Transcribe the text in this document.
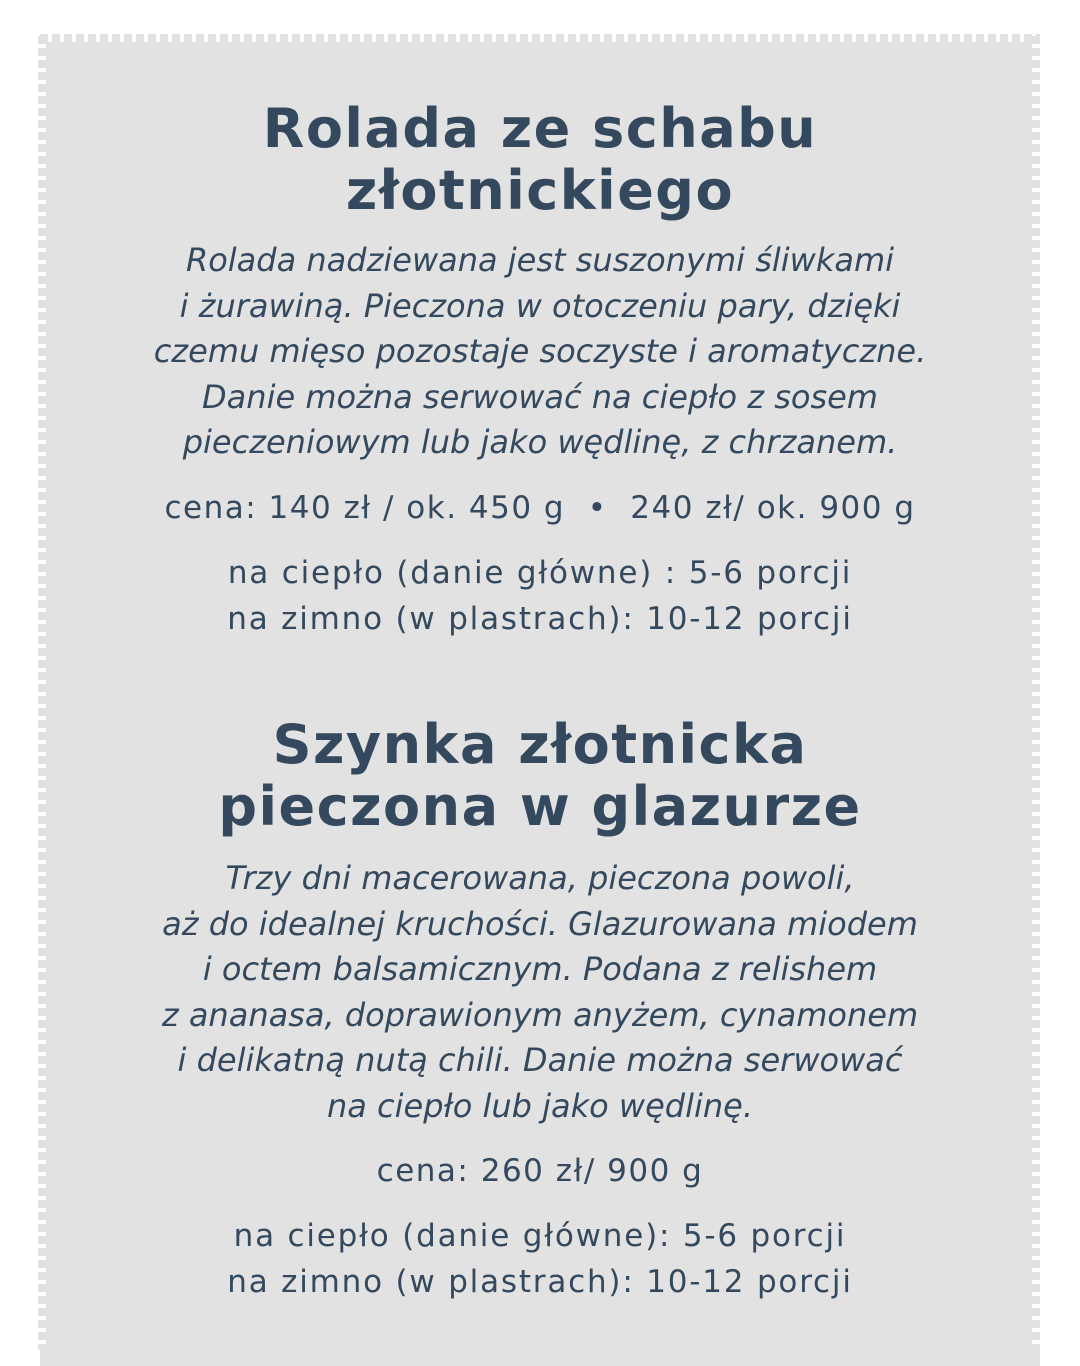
Rolada ze schabu
złotnickiego

Rolada nadziewana jest suszonymi śliwkami
i żurawiną. Pieczona w otoczeniu pary, dzięki
czemu mięso pozostaje soczyste i aromatyczne.
Danie można serwować na ciepło z sosem
pieczeniowym lub jako wędlinę, z chrzanem.

cena: 140 zł / ok. 450 g  •  240 zł/ ok. 900 g

na ciepło (danie główne) : 5-6 porcji
na zimno (w plastrach): 10-12 porcji
Szynka złotnicka
pieczona w glazurze

Trzy dni macerowana, pieczona powoli,
aż do idealnej kruchości. Glazurowana miodem
i octem balsamicznym. Podana z relishem
z ananasa, doprawionym anyżem, cynamonem
i delikatną nutą chili. Danie można serwować
na ciepło lub jako wędlinę.

cena: 260 zł/ 900 g

na ciepło (danie główne): 5-6 porcji
na zimno (w plastrach): 10-12 porcji
